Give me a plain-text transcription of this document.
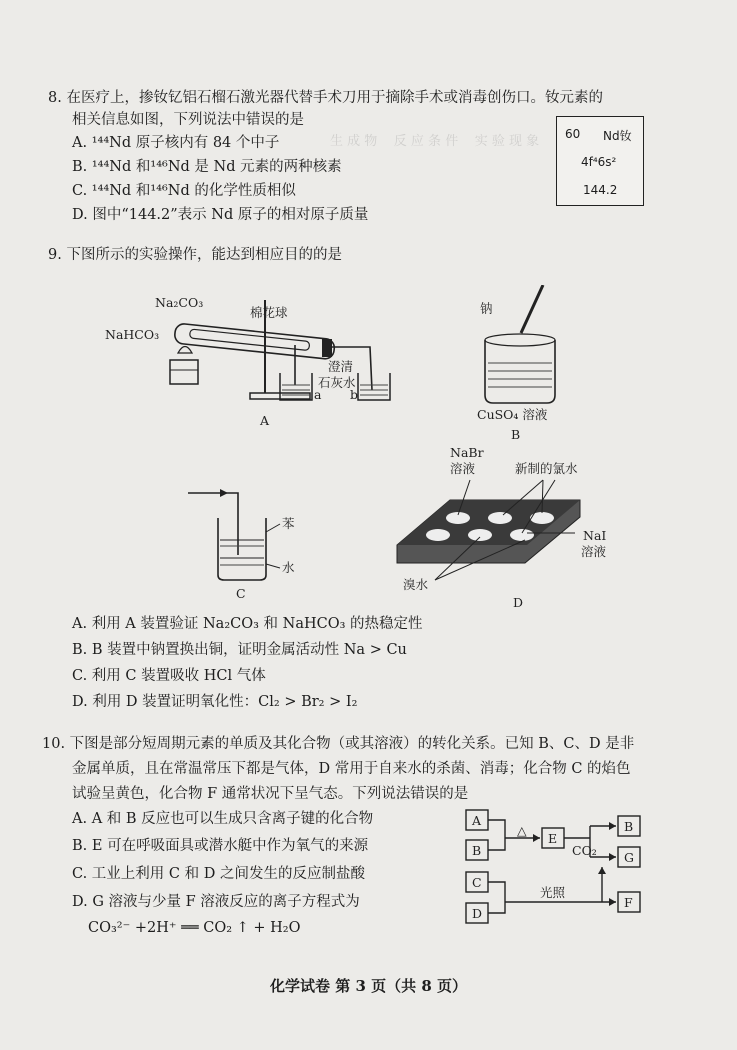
生 成 物    反 应 条 件    实 验 现 象

8. 在医疗上，掺钕钇铝石榴石激光器代替手术刀用于摘除手术或消毒创伤口。钕元素的
相关信息如图，下列说法中错误的是
A. ¹⁴⁴Nd 原子核内有 84 个中子
B. ¹⁴⁴Nd 和¹⁴⁶Nd 是 Nd 元素的两种核素
C. ¹⁴⁴Nd 和¹⁴⁶Nd 的化学性质相似
D. 图中“144.2”表示 Nd 原子的相对原子质量
60 Nd钕
4f⁴6s²
144.2
9. 下图所示的实验操作，能达到相应目的的是
Na₂CO₃
NaHCO₃
棉花球
澄清
石灰水
a b
A
钠
CuSO₄ 溶液
B
苯
水
C
NaBr
溶液	新制的氯水
NaI
溶液
溴水
D
A. 利用 A 装置验证 Na₂CO₃ 和 NaHCO₃ 的热稳定性
B. B 装置中钠置换出铜，证明金属活动性 Na > Cu
C. 利用 C 装置吸收 HCl 气体
D. 利用 D 装置证明氧化性：Cl₂ > Br₂ > I₂
10. 下图是部分短周期元素的单质及其化合物（或其溶液）的转化关系。已知 B、C、D 是非
金属单质，且在常温常压下都是气体，D 常用于自来水的杀菌、消毒；化合物 C 的焰色
试验呈黄色，化合物 F 通常状况下呈气态。下列说法错误的是
A. A 和 B 反应也可以生成只含离子键的化合物
B. E 可在呼吸面具或潜水艇中作为氧气的来源
C. 工业上利用 C 和 D 之间发生的反应制盐酸
D. G 溶液与少量 F 溶液反应的离子方程式为
CO₃²⁻ +2H⁺ ══ CO₂ ↑ + H₂O
A
B
C
D
E
B
G
F
△
CO₂
光照
化学试卷 第 3 页（共 8 页）
